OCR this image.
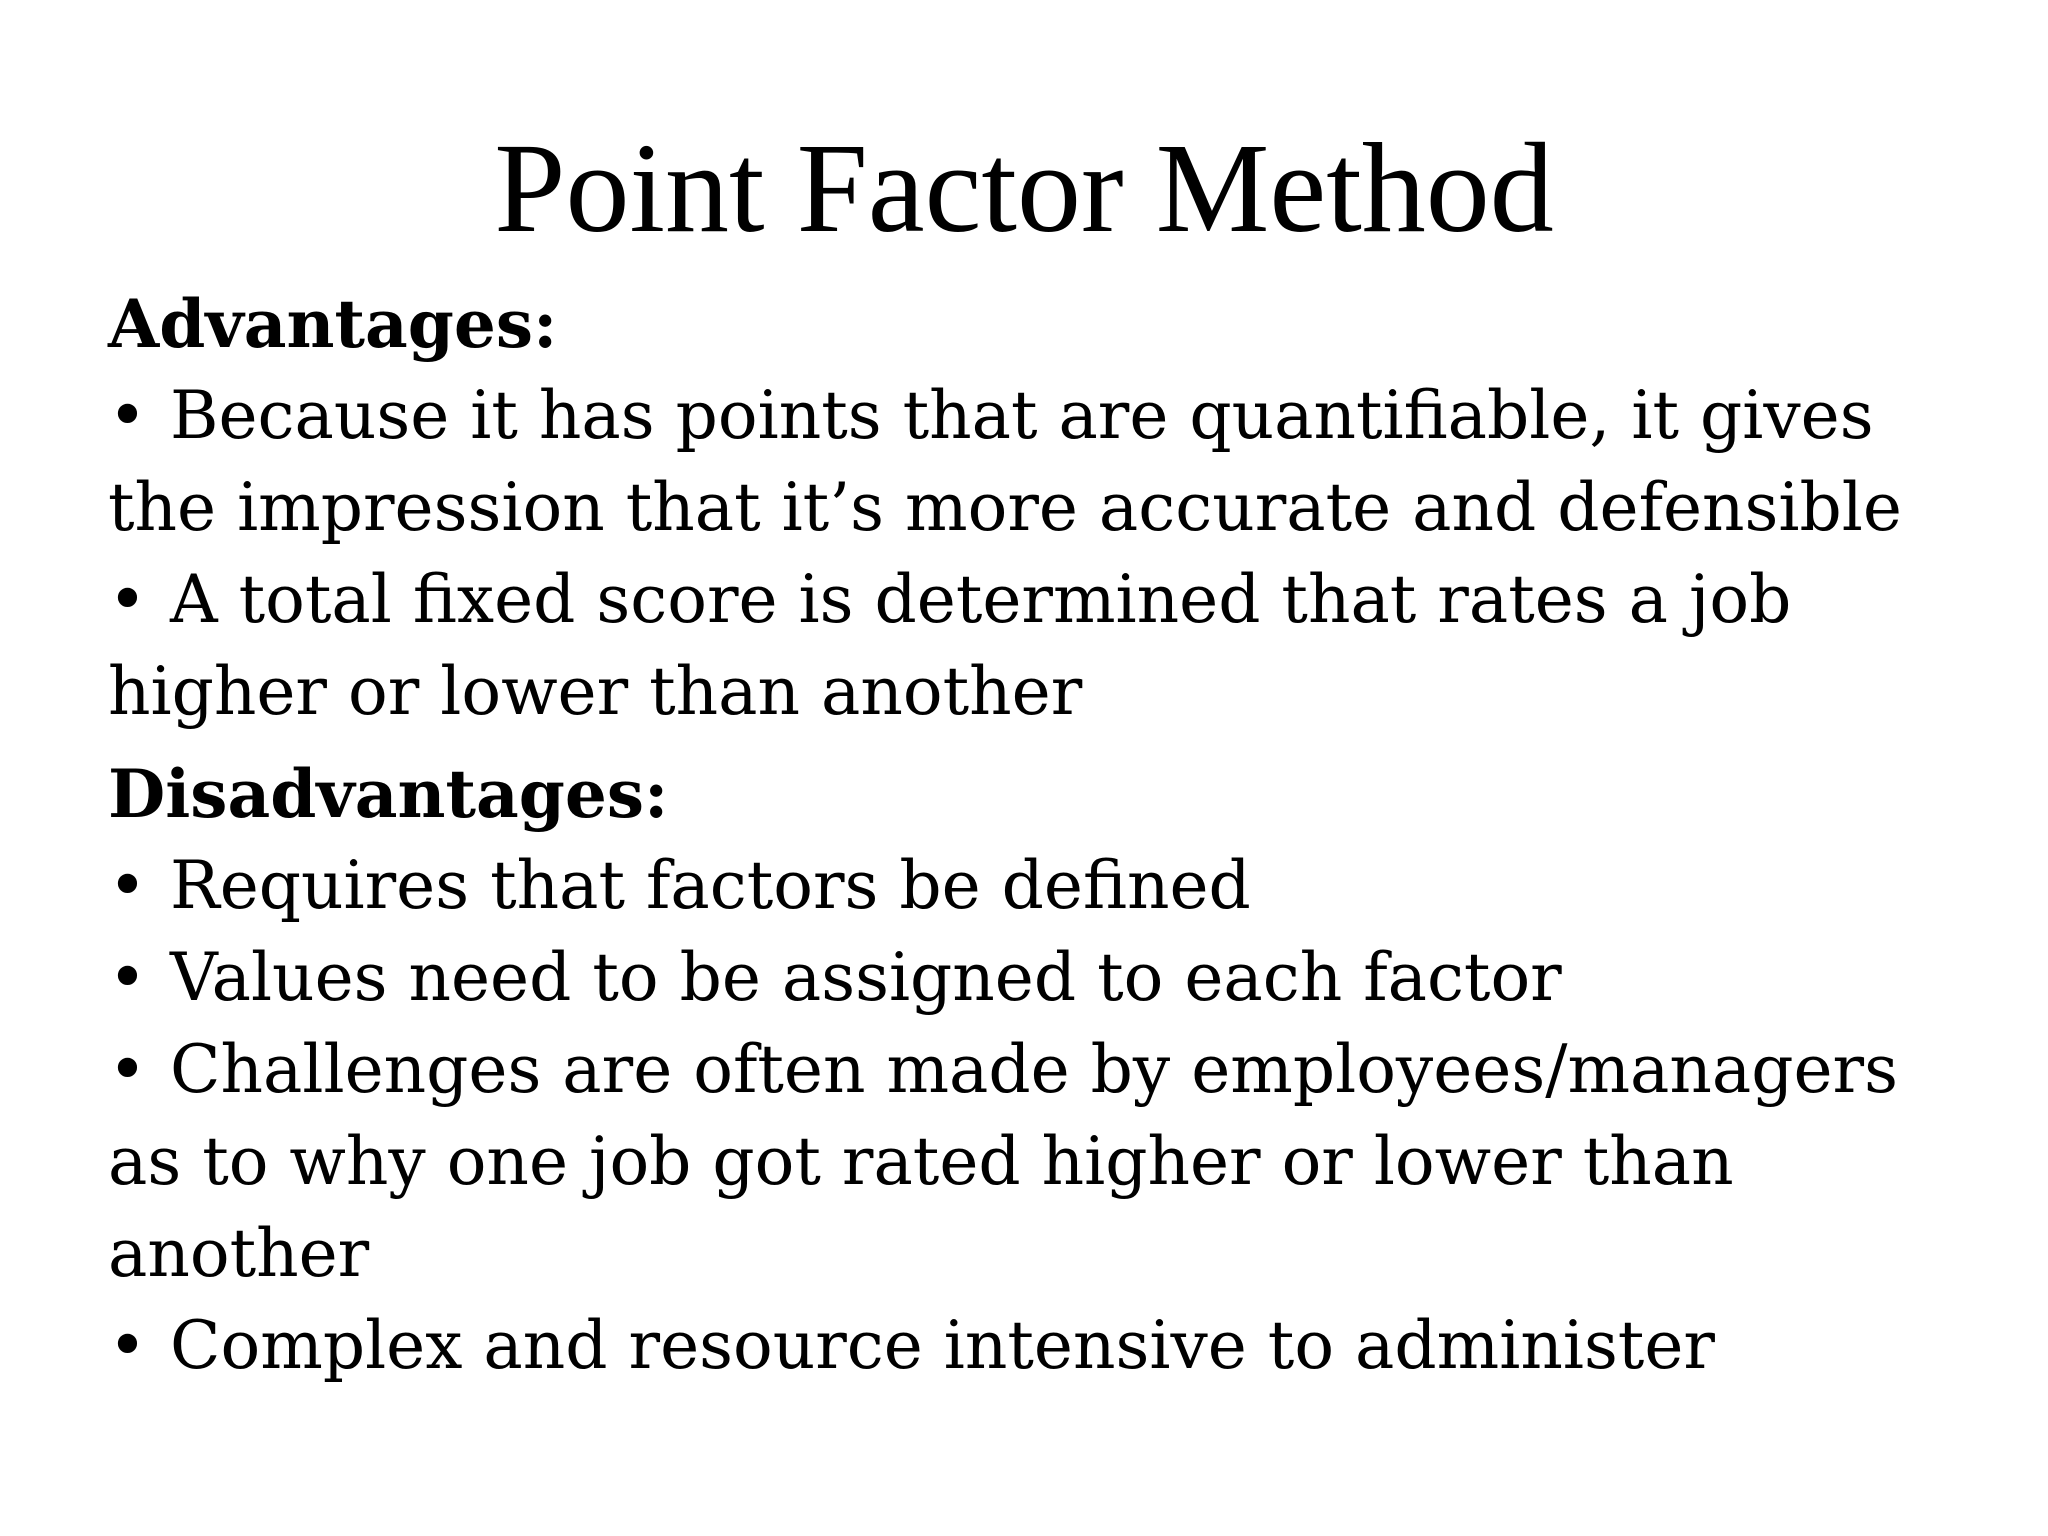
Point Factor Method
Advantages:

• Because it has points that are quantifiable, it gives the impression that it’s more accurate and defensible

• A total fixed score is determined that rates a job higher or lower than another

Disadvantages:

• Requires that factors be defined

• Values need to be assigned to each factor

• Challenges are often made by employees/managers as to why one job got rated higher or lower than another

• Complex and resource intensive to administer
